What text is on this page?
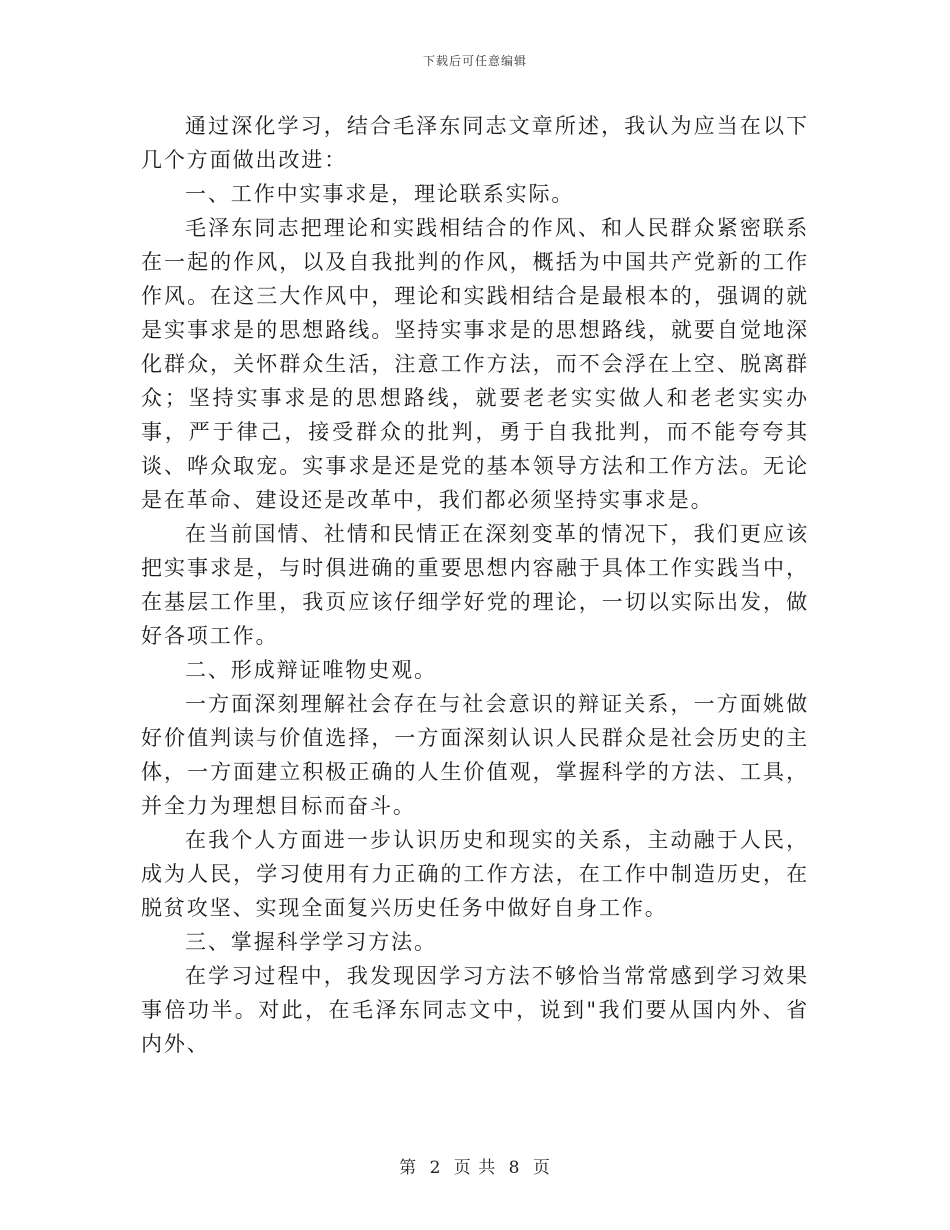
下载后可任意编辑

通过深化学习，结合毛泽东同志文章所述，我认为应当在以下几个方面做出改进：

一、工作中实事求是，理论联系实际。

毛泽东同志把理论和实践相结合的作风、和人民群众紧密联系在一起的作风，以及自我批判的作风，概括为中国共产党新的工作作风。在这三大作风中，理论和实践相结合是最根本的，强调的就是实事求是的思想路线。坚持实事求是的思想路线，就要自觉地深化群众，关怀群众生活，注意工作方法，而不会浮在上空、脱离群众；坚持实事求是的思想路线，就要老老实实做人和老老实实办事，严于律己，接受群众的批判，勇于自我批判，而不能夸夸其谈、哗众取宠。实事求是还是党的基本领导方法和工作方法。无论是在革命、建设还是改革中，我们都必须坚持实事求是。

在当前国情、社情和民情正在深刻变革的情况下，我们更应该把实事求是，与时俱进确的重要思想内容融于具体工作实践当中，在基层工作里，我页应该仔细学好党的理论，一切以实际出发，做好各项工作。

二、形成辩证唯物史观。

一方面深刻理解社会存在与社会意识的辩证关系，一方面姚做好价值判读与价值选择，一方面深刻认识人民群众是社会历史的主体，一方面建立积极正确的人生价值观，掌握科学的方法、工具，并全力为理想目标而奋斗。

在我个人方面进一步认识历史和现实的关系，主动融于人民，成为人民，学习使用有力正确的工作方法，在工作中制造历史，在脱贫攻坚、实现全面复兴历史任务中做好自身工作。

三、掌握科学学习方法。

在学习过程中，我发现因学习方法不够恰当常常感到学习效果事倍功半。对此，在毛泽东同志文中，说到"我们要从国内外、省内外、

第 2 页 共 8 页
